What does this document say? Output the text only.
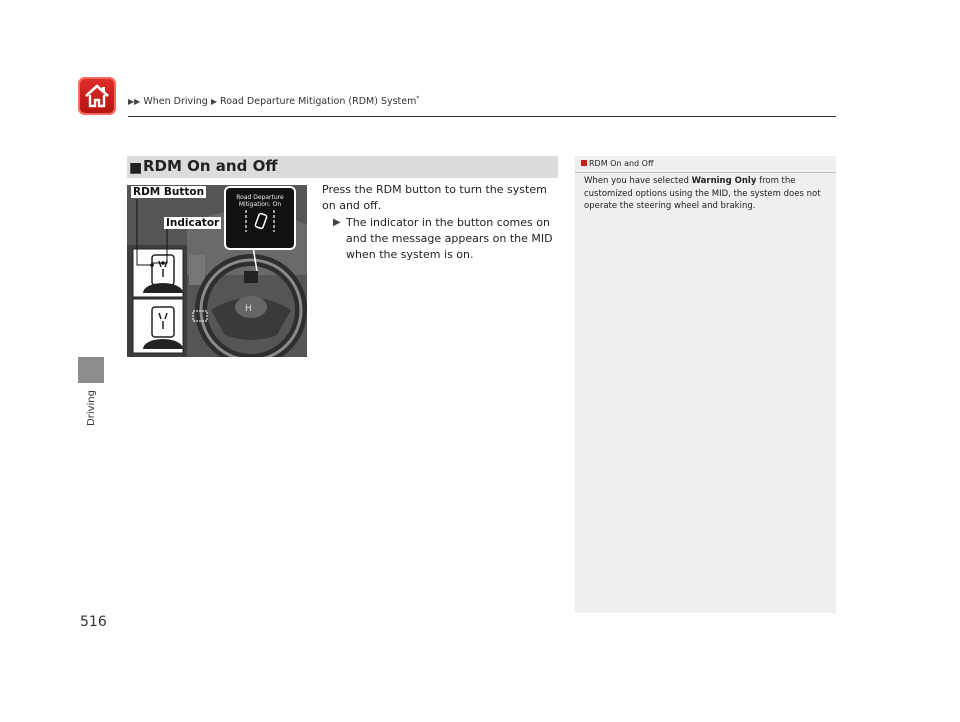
▶▶ When Driving ▶ Road Departure Mitigation (RDM) System*
Driving
516
■ RDM On and Off
H
RDM Button
Indicator
Road Departure Mitigation: On
Press the RDM button to turn the system on and off.
▶ The indicator in the button comes on and the message appears on the MID when the system is on.
RDM On and Off
When you have selected Warning Only from the customized options using the MID, the system does not operate the steering wheel and braking.
